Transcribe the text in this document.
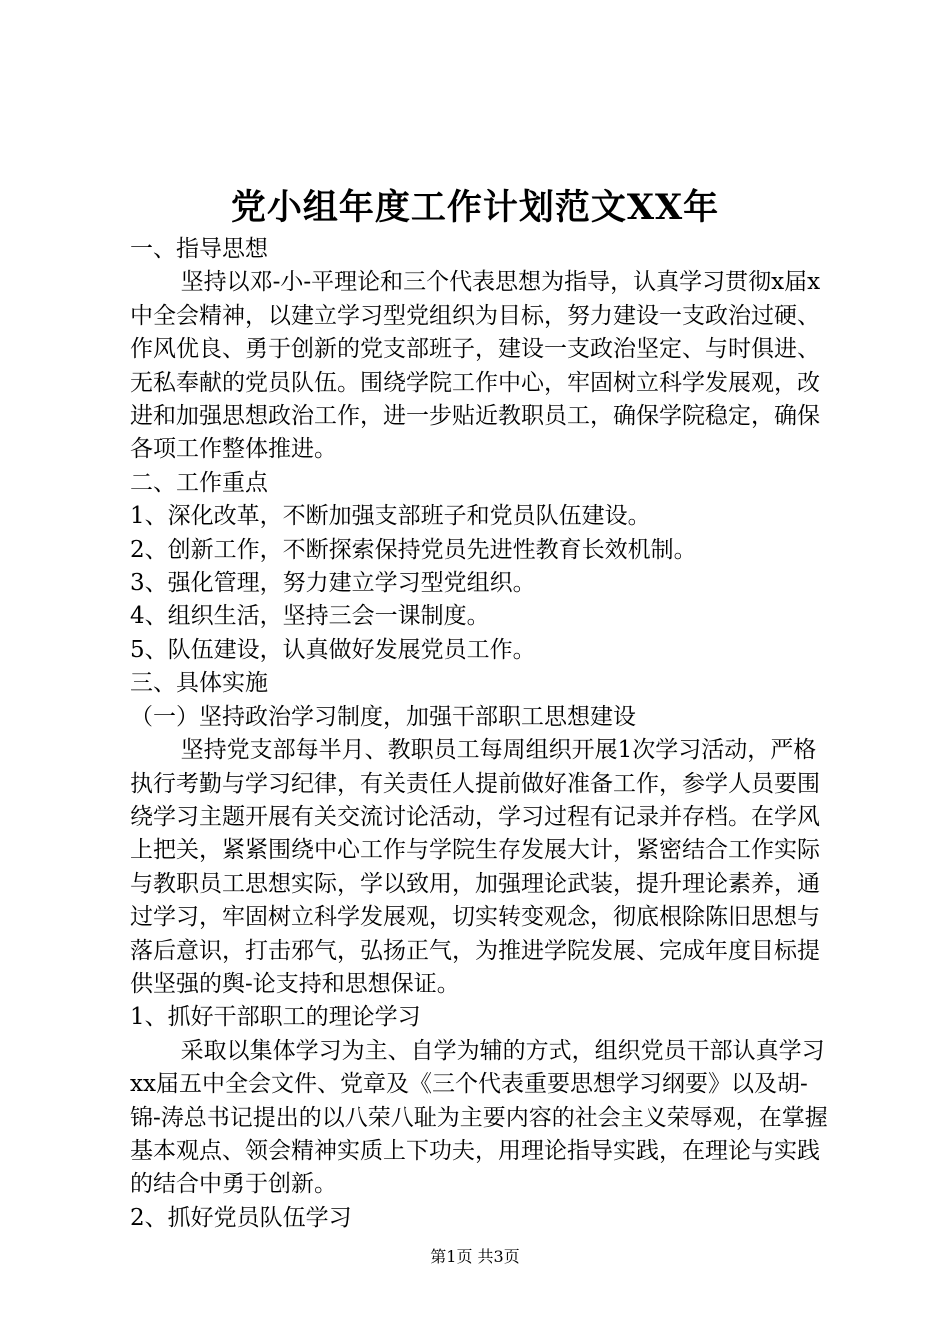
党小组年度工作计划范文XX年

一、指导思想

坚持以邓-小-平理论和三个代表思想为指导，认真学习贯彻x届x中全会精神，以建立学习型党组织为目标，努力建设一支政治过硬、作风优良、勇于创新的党支部班子，建设一支政治坚定、与时俱进、无私奉献的党员队伍。围绕学院工作中心，牢固树立科学发展观，改进和加强思想政治工作，进一步贴近教职员工，确保学院稳定，确保各项工作整体推进。

二、工作重点

1、深化改革，不断加强支部班子和党员队伍建设。

2、创新工作，不断探索保持党员先进性教育长效机制。

3、强化管理，努力建立学习型党组织。

4、组织生活，坚持三会一课制度。

5、队伍建设，认真做好发展党员工作。

三、具体实施

（一）坚持政治学习制度，加强干部职工思想建设

坚持党支部每半月、教职员工每周组织开展1次学习活动，严格执行考勤与学习纪律，有关责任人提前做好准备工作，参学人员要围绕学习主题开展有关交流讨论活动，学习过程有记录并存档。在学风上把关，紧紧围绕中心工作与学院生存发展大计，紧密结合工作实际与教职员工思想实际，学以致用，加强理论武装，提升理论素养，通过学习，牢固树立科学发展观，切实转变观念，彻底根除陈旧思想与落后意识，打击邪气，弘扬正气，为推进学院发展、完成年度目标提供坚强的舆-论支持和思想保证。

1、抓好干部职工的理论学习

采取以集体学习为主、自学为辅的方式，组织党员干部认真学习xx届五中全会文件、党章及《三个代表重要思想学习纲要》以及胡-锦-涛总书记提出的以八荣八耻为主要内容的社会主义荣辱观，在掌握基本观点、领会精神实质上下功夫，用理论指导实践，在理论与实践的结合中勇于创新。

2、抓好党员队伍学习

第1页 共3页
